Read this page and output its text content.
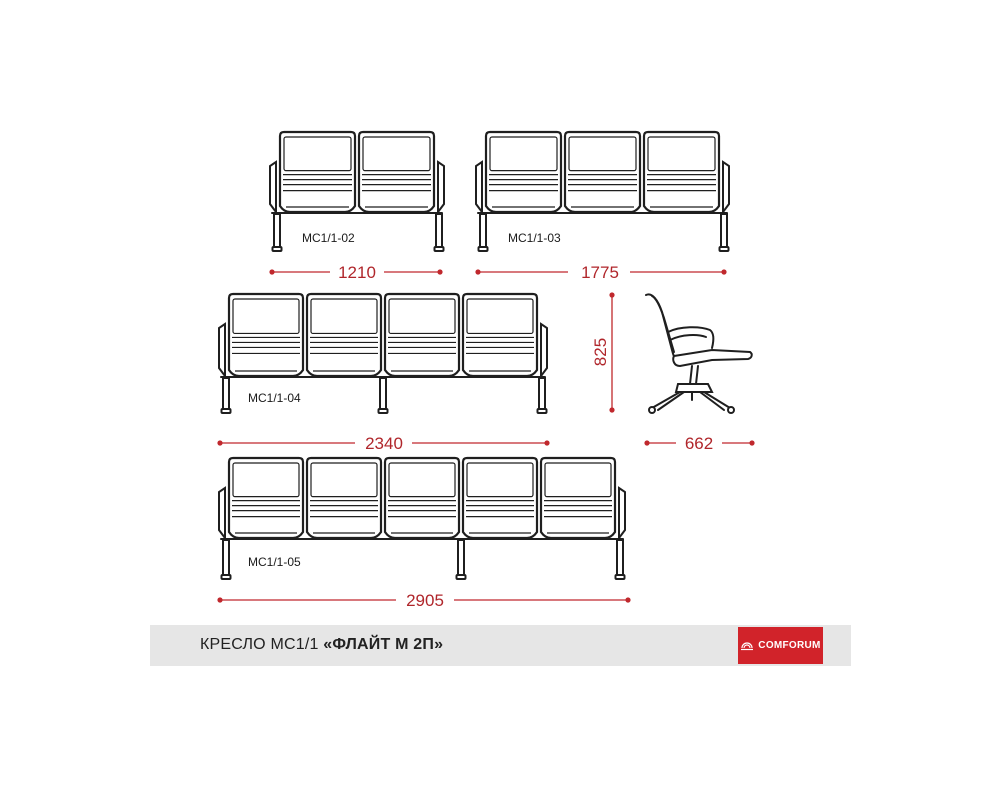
МС1/1-02	МС1/1-03
МС1/1-04
МС1/1-05
1210	1775
2340
2905
825
662
КРЕСЛО МС1/1 «ФЛАЙТ М 2П»	COMFORUM
